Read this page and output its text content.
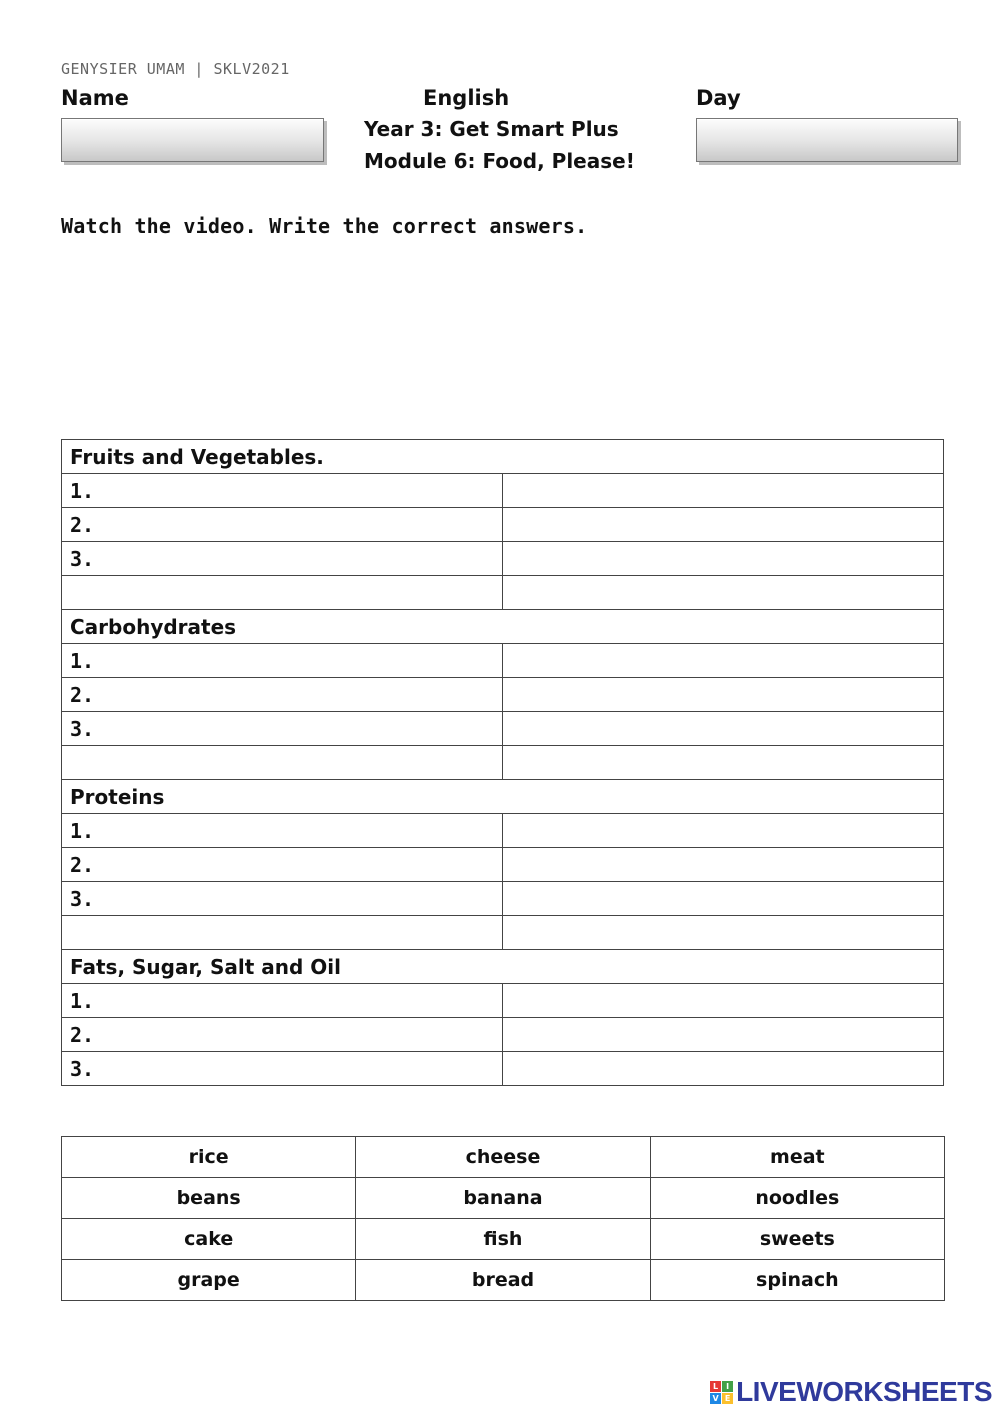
GENYSIER UMAM | SKLV2021
Name	English	Day
Year 3: Get Smart Plus
Module 6: Food, Please!
Watch the video. Write the correct answers.
Fruits and Vegetables.	
1.	
2.	
3.	

Carbohydrates	
1.	
2.	
3.	

Proteins	
1.	
2.	
3.	

Fats, Sugar, Salt and Oil	
1.	
2.	
3.	
rice	cheese	meat
beans	banana	noodles
cake	fish	sweets
grape	bread	spinach
L I
V E LIVEWORKSHEETS
